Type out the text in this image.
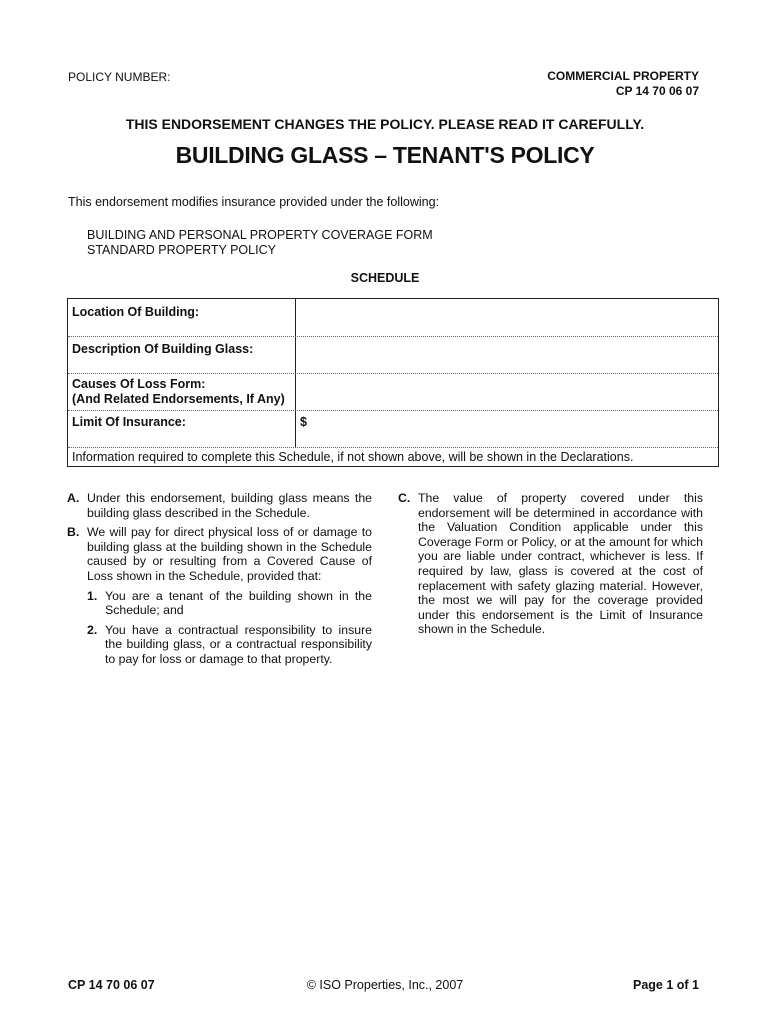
POLICY NUMBER:	COMMERCIAL PROPERTY
CP 14 70 06 07
THIS ENDORSEMENT CHANGES THE POLICY. PLEASE READ IT CAREFULLY.
BUILDING GLASS – TENANT'S POLICY
This endorsement modifies insurance provided under the following:
BUILDING AND PERSONAL PROPERTY COVERAGE FORM
STANDARD PROPERTY POLICY
SCHEDULE
Location Of Building:
Description Of Building Glass:
Causes Of Loss Form:
(And Related Endorsements, If Any)
Limit Of Insurance:	$
Information required to complete this Schedule, if not shown above, will be shown in the Declarations.
A. Under this endorsement, building glass means the building glass described in the Schedule.
B. We will pay for direct physical loss of or damage to building glass at the building shown in the Schedule caused by or resulting from a Covered Cause of Loss shown in the Schedule, provided that:
1. You are a tenant of the building shown in the Schedule; and
2. You have a contractual responsibility to insure the building glass, or a contractual responsibility to pay for loss or damage to that property.
C. The value of property covered under this endorsement will be determined in accordance with the Valuation Condition applicable under this Coverage Form or Policy, or at the amount for which you are liable under contract, whichever is less. If required by law, glass is covered at the cost of replacement with safety glazing material. However, the most we will pay for the coverage provided under this endorsement is the Limit of Insurance shown in the Schedule.
CP 14 70 06 07	© ISO Properties, Inc., 2007	Page 1 of 1
